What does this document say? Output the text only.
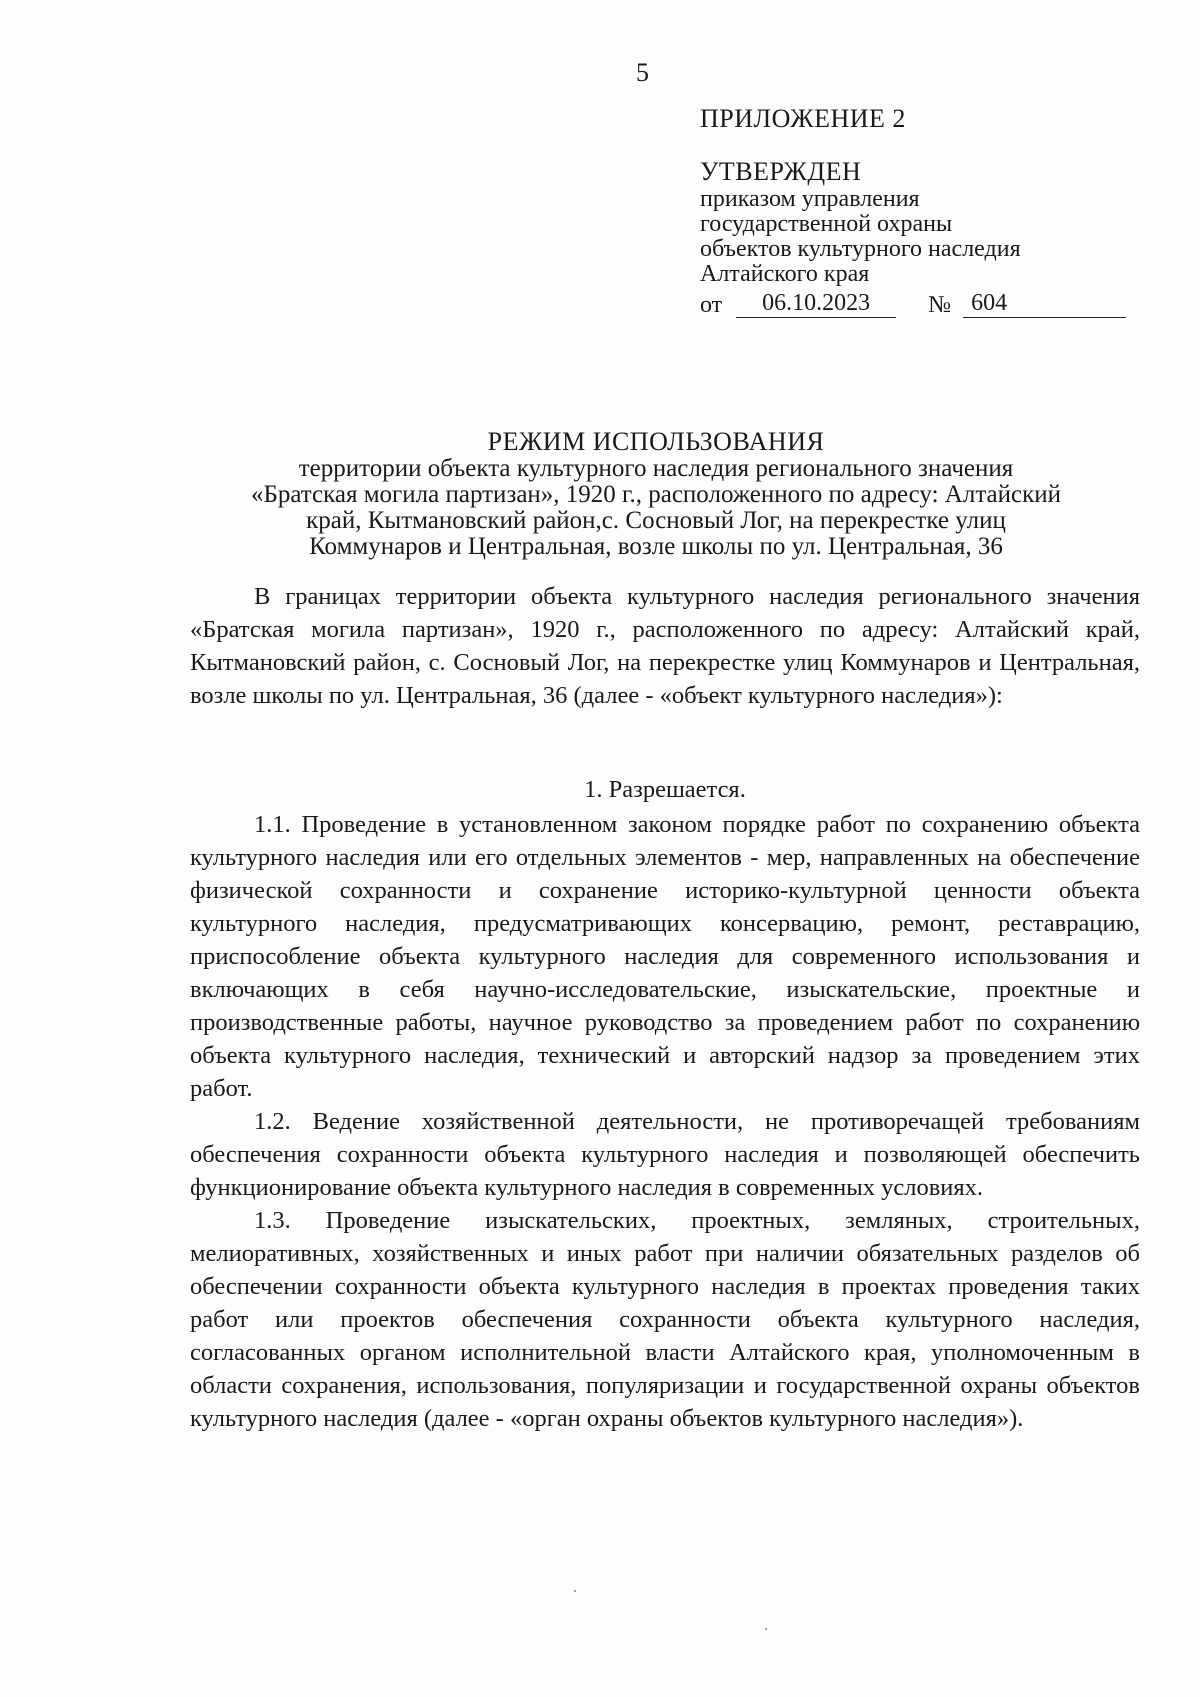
5
ПРИЛОЖЕНИЕ 2
УТВЕРЖДЕН
приказом управления
государственной охраны
объектов культурного наследия
Алтайского края
от	06.10.2023	№ 604
РЕЖИМ ИСПОЛЬЗОВАНИЯ
территории объекта культурного наследия регионального значения
«Братская могила партизан», 1920 г., расположенного по адресу: Алтайский
край, Кытмановский район,с. Сосновый Лог, на перекрестке улиц
Коммунаров и Центральная, возле школы по ул. Центральная, 36

В границах территории объекта культурного наследия регионального значения «Братская могила партизан», 1920 г., расположенного по адресу: Алтайский край, Кытмановский район, с. Сосновый Лог, на перекрестке улиц Коммунаров и Центральная, возле школы по ул. Центральная, 36 (далее - «объект культурного наследия»):

1. Разрешается.

1.1. Проведение в установленном законом порядке работ по сохранению объекта культурного наследия или его отдельных элементов - мер, направленных на обеспечение физической сохранности и сохранение историко-культурной ценности объекта культурного наследия, предусматривающих консервацию, ремонт, реставрацию, приспособление объекта культурного наследия для современного использования и включающих в себя научно-исследовательские, изыскательские, проектные и производственные работы, научное руководство за проведением работ по сохранению объекта культурного наследия, технический и авторский надзор за проведением этих работ.

1.2. Ведение хозяйственной деятельности, не противоречащей требованиям обеспечения сохранности объекта культурного наследия и позволяющей обеспечить функционирование объекта культурного наследия в современных условиях.

1.3. Проведение изыскательских, проектных, земляных, строительных, мелиоративных, хозяйственных и иных работ при наличии обязательных разделов об обеспечении сохранности объекта культурного наследия в проектах проведения таких работ или проектов обеспечения сохранности объекта культурного наследия, согласованных органом исполнительной власти Алтайского края, уполномоченным в области сохранения, использования, популяризации и государственной охраны объектов культурного наследия (далее - «орган охраны объектов культурного наследия»).
